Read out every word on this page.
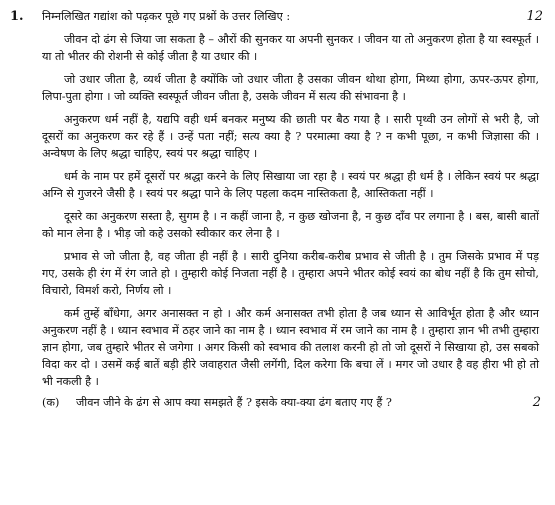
1. निम्नलिखित गद्यांश को पढ़कर पूछे गए प्रश्नों के उत्तर लिखिए :	12

जीवन दो ढंग से जिया जा सकता है – औरों की सुनकर या अपनी सुनकर । जीवन या तो अनुकरण होता है या स्वस्फूर्त । या तो भीतर की रोशनी से कोई जीता है या उधार की ।

जो उधार जीता है, व्यर्थ जीता है क्योंकि जो उधार जीता है उसका जीवन थोथा होगा, मिथ्या होगा, ऊपर-ऊपर होगा, लिपा-पुता होगा । जो व्यक्ति स्वस्फूर्त जीवन जीता है, उसके जीवन में सत्य की संभावना है ।

अनुकरण धर्म नहीं है, यद्यपि वही धर्म बनकर मनुष्य की छाती पर बैठ गया है । सारी पृथ्वी उन लोगों से भरी है, जो दूसरों का अनुकरण कर रहे हैं । उन्हें पता नहीं; सत्य क्या है ? परमात्मा क्या है ? न कभी पूछा, न कभी जिज्ञासा की । अन्वेषण के लिए श्रद्धा चाहिए, स्वयं पर श्रद्धा चाहिए ।

धर्म के नाम पर हमें दूसरों पर श्रद्धा करने के लिए सिखाया जा रहा है । स्वयं पर श्रद्धा ही धर्म है । लेकिन स्वयं पर श्रद्धा अग्नि से गुजरने जैसी है । स्वयं पर श्रद्धा पाने के लिए पहला कदम नास्तिकता है, आस्तिकता नहीं ।

दूसरे का अनुकरण सस्ता है, सुगम है । न कहीं जाना है, न कुछ खोजना है, न कुछ दाँव पर लगाना है । बस, बासी बातों को मान लेना है । भीड़ जो कहे उसको स्वीकार कर लेना है ।

प्रभाव से जो जीता है, वह जीता ही नहीं है । सारी दुनिया करीब-करीब प्रभाव से जीती है । तुम जिसके प्रभाव में पड़ गए, उसके ही रंग में रंग जाते हो । तुम्हारी कोई निजता नहीं है । तुम्हारा अपने भीतर कोई स्वयं का बोध नहीं है कि तुम सोचो, विचारो, विमर्श करो, निर्णय लो ।

कर्म तुम्हें बाँधेगा, अगर अनासक्त न हो । और कर्म अनासक्त तभी होता है जब ध्यान से आविर्भूत होता है और ध्यान अनुकरण नहीं है । ध्यान स्वभाव में ठहर जाने का नाम है । ध्यान स्वभाव में रम जाने का नाम है । तुम्हारा ज्ञान भी तभी तुम्हारा ज्ञान होगा, जब तुम्हारे भीतर से जगेगा । अगर किसी को स्वभाव की तलाश करनी हो तो जो दूसरों ने सिखाया हो, उस सबको विदा कर दो । उसमें कई बातें बड़ी हीरे जवाहरात जैसी लगेंगी, दिल करेगा कि बचा लें । मगर जो उधार है वह हीरा भी हो तो भी नकली है ।

(क) जीवन जीने के ढंग से आप क्या समझते हैं ? इसके क्या-क्या ढंग बताए गए हैं ?	2
